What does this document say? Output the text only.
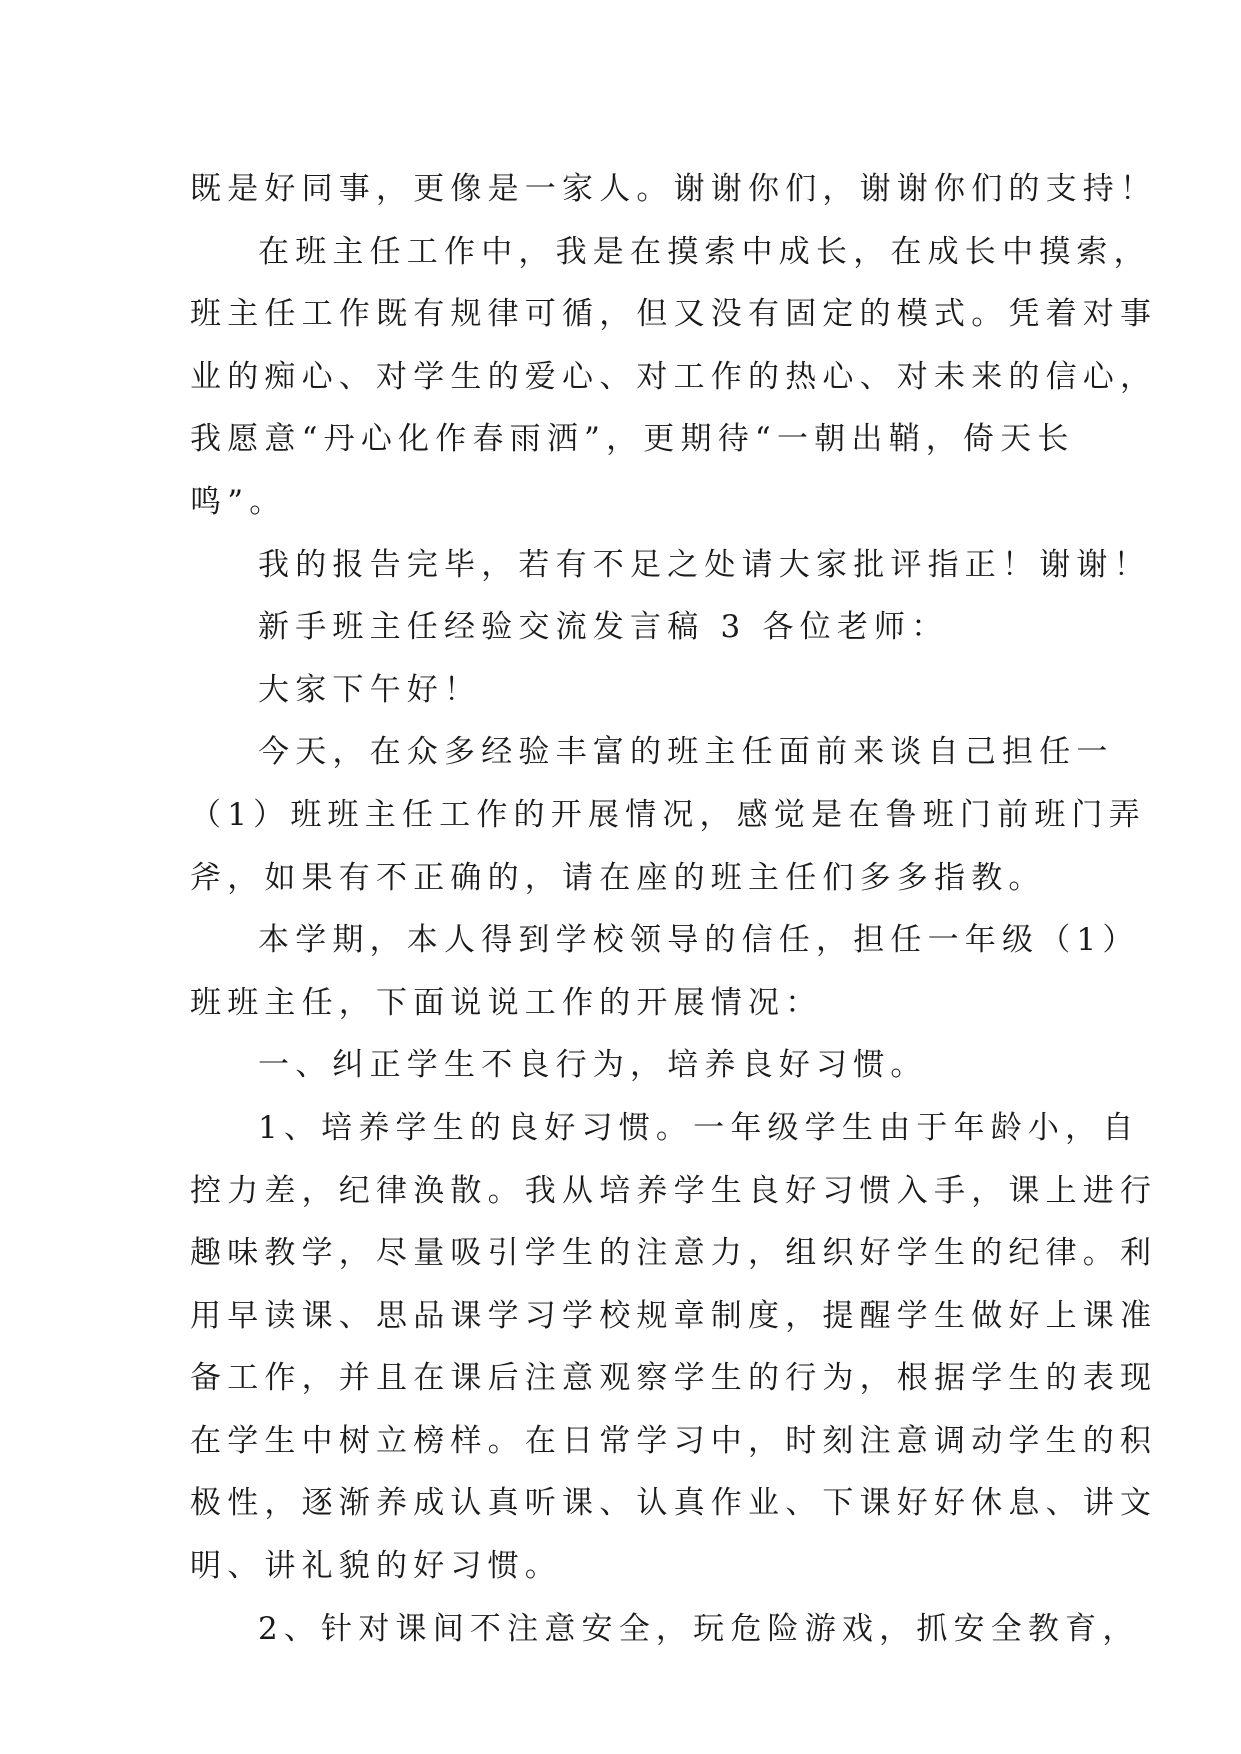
既是好同事，更像是一家人。谢谢你们，谢谢你们的支持！
在班主任工作中，我是在摸索中成长，在成长中摸索，
班主任工作既有规律可循，但又没有固定的模式。凭着对事
业的痴心、对学生的爱心、对工作的热心、对未来的信心，
我愿意“丹心化作春雨洒”，更期待“一朝出鞘，倚天长
鸣”。
我的报告完毕，若有不足之处请大家批评指正！谢谢！
新手班主任经验交流发言稿 3 各位老师：
大家下午好！
今天，在众多经验丰富的班主任面前来谈自己担任一
（1）班班主任工作的开展情况，感觉是在鲁班门前班门弄
斧，如果有不正确的，请在座的班主任们多多指教。
本学期，本人得到学校领导的信任，担任一年级（1）
班班主任，下面说说工作的开展情况：
一、纠正学生不良行为，培养良好习惯。
1、培养学生的良好习惯。一年级学生由于年龄小，自
控力差，纪律涣散。我从培养学生良好习惯入手，课上进行
趣味教学，尽量吸引学生的注意力，组织好学生的纪律。利
用早读课、思品课学习学校规章制度，提醒学生做好上课准
备工作，并且在课后注意观察学生的行为，根据学生的表现
在学生中树立榜样。在日常学习中，时刻注意调动学生的积
极性，逐渐养成认真听课、认真作业、下课好好休息、讲文
明、讲礼貌的好习惯。
2、针对课间不注意安全，玩危险游戏，抓安全教育，
